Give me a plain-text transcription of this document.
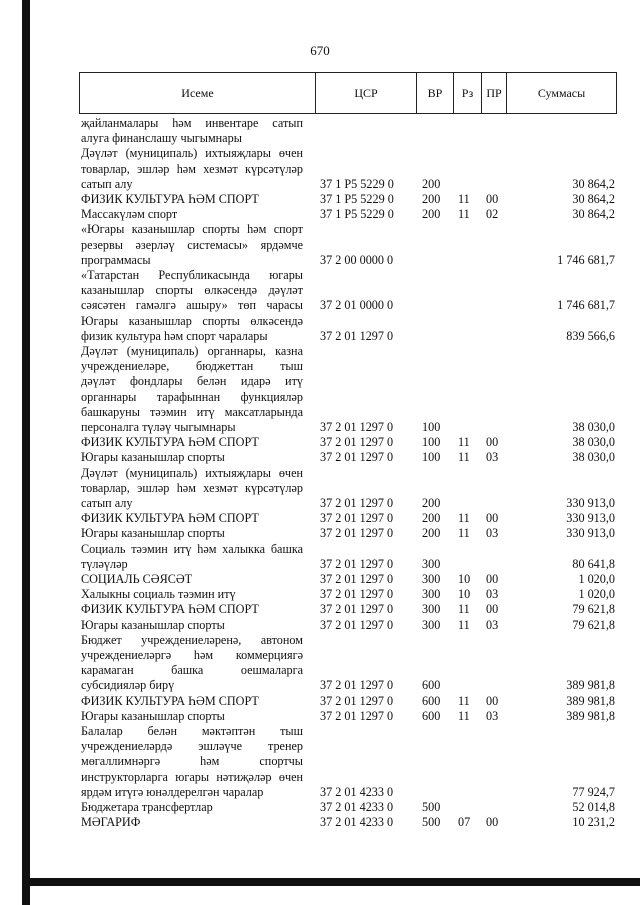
670
Исеме	ЦСР	ВР	Рз	ПР	Суммасы
җайланмалары һәм инвентаре сатып
алуга финанслашу чыгымнары
Дәүләт (муниципаль) ихтыяҗлары өчен
товарлар, эшләр һәм хезмәт күрсәтүләр
сатып алу	37 1 Р5 5229 0	200	30 864,2
ФИЗИК КУЛЬТУРА ҺӘМ СПОРТ	37 1 Р5 5229 0	200	11	00	30 864,2
Массакүләм спорт	37 1 Р5 5229 0	200	11	02	30 864,2
«Югары казанышлар спорты һәм спорт
резервы әзерләү системасы» ярдәмче
программасы	37 2 00 0000 0	1 746 681,7
«Татарстан Республикасында югары
казанышлар спорты өлкәсендә дәүләт
сәясәтен гамәлгә ашыру» төп чарасы 37 2 01 0000 0	1 746 681,7
Югары казанышлар спорты өлкәсендә
физик культура һәм спорт чаралары	37 2 01 1297 0	839 566,6
Дәүләт (муниципаль) органнары, казна
учреждениеләре, бюджеттан тыш
дәүләт фондлары белән идарә итү
органнары тарафыннан функцияләр
башкаруны тәэмин итү максатларында
персоналга түләү чыгымнары	37 2 01 1297 0	100	38 030,0
ФИЗИК КУЛЬТУРА ҺӘМ СПОРТ	37 2 01 1297 0	100	11	00	38 030,0
Югары казанышлар спорты	37 2 01 1297 0	100	11	03	38 030,0
Дәүләт (муниципаль) ихтыяҗлары өчен
товарлар, эшләр һәм хезмәт күрсәтүләр
сатып алу	37 2 01 1297 0	200	330 913,0
ФИЗИК КУЛЬТУРА ҺӘМ СПОРТ	37 2 01 1297 0	200	11	00	330 913,0
Югары казанышлар спорты	37 2 01 1297 0	200	11	03	330 913,0
Социаль тәэмин итү һәм халыкка башка
түләүләр	37 2 01 1297 0	300	80 641,8
СОЦИАЛЬ СӘЯСӘТ	37 2 01 1297 0	300	10	00	1 020,0
Халыкны социаль тәэмин итү	37 2 01 1297 0	300	10	03	1 020,0
ФИЗИК КУЛЬТУРА ҺӘМ СПОРТ	37 2 01 1297 0	300	11	00	79 621,8
Югары казанышлар спорты	37 2 01 1297 0	300	11	03	79 621,8
Бюджет учреждениеләренә, автоном
учреждениеләргә һәм коммерциягә
карамаган башка оешмаларга
субсидияләр бирү	37 2 01 1297 0	600	389 981,8
ФИЗИК КУЛЬТУРА ҺӘМ СПОРТ	37 2 01 1297 0	600	11	00	389 981,8
Югары казанышлар спорты	37 2 01 1297 0	600	11	03	389 981,8
Балалар белән мәктәптән тыш
учреждениеләрдә эшләүче тренер
мөгаллимнәргә һәм спортчы
инструкторларга югары нәтиҗәләр өчен
ярдәм итүгә юнәлдерелгән чаралар	37 2 01 4233 0	77 924,7
Бюджетара трансфертлар	37 2 01 4233 0	500	52 014,8
МӘГАРИФ	37 2 01 4233 0	500	07	00	10 231,2
